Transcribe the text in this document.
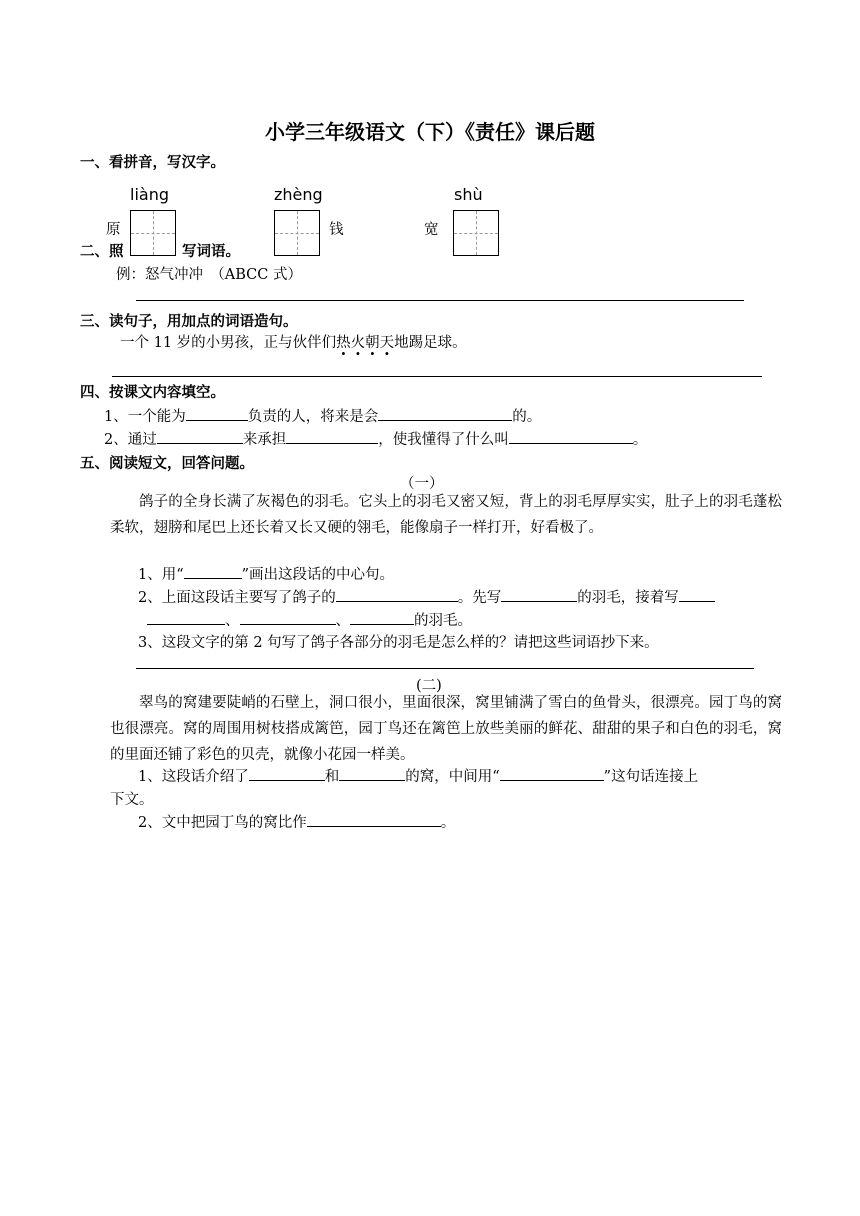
小学三年级语文（下）《责任》课后题
一、看拼音，写汉字。
liàng	zhèng	shù
原	钱	宽
二、照	写词语。
例：怒气冲冲　（ABCC 式）
三、读句子，用加点的词语造句。
一个 11 岁的小男孩，正与伙伴们热火朝天地踢足球。
四、按课文内容填空。
1、一个能为	负责的人，将来是会	的。
2、通过	来承担	，使我懂得了什么叫	。
五、阅读短文，回答问题。
（一）
鸽子的全身长满了灰褐色的羽毛。它头上的羽毛又密又短，背上的羽毛厚厚实实，肚子上的羽毛蓬松柔软，翅膀和尾巴上还长着又长又硬的翎毛，能像扇子一样打开，好看极了。
1、用“	”画出这段话的中心句。
2、上面这段话主要写了鸽子的	。先写	的羽毛，接着写
、	、	的羽毛。
3、这段文字的第 2 句写了鸽子各部分的羽毛是怎么样的？请把这些词语抄下来。
(二)
翠鸟的窝建要陡峭的石壁上，洞口很小，里面很深，窝里铺满了雪白的鱼骨头，很漂亮。园丁鸟的窝也很漂亮。窝的周围用树枝搭成篱笆，园丁鸟还在篱笆上放些美丽的鲜花、甜甜的果子和白色的羽毛，窝的里面还铺了彩色的贝壳，就像小花园一样美。
1、这段话介绍了	和	的窝，中间用“	”这句话连接上
2、文中把园丁鸟的窝比作	。
下文。
